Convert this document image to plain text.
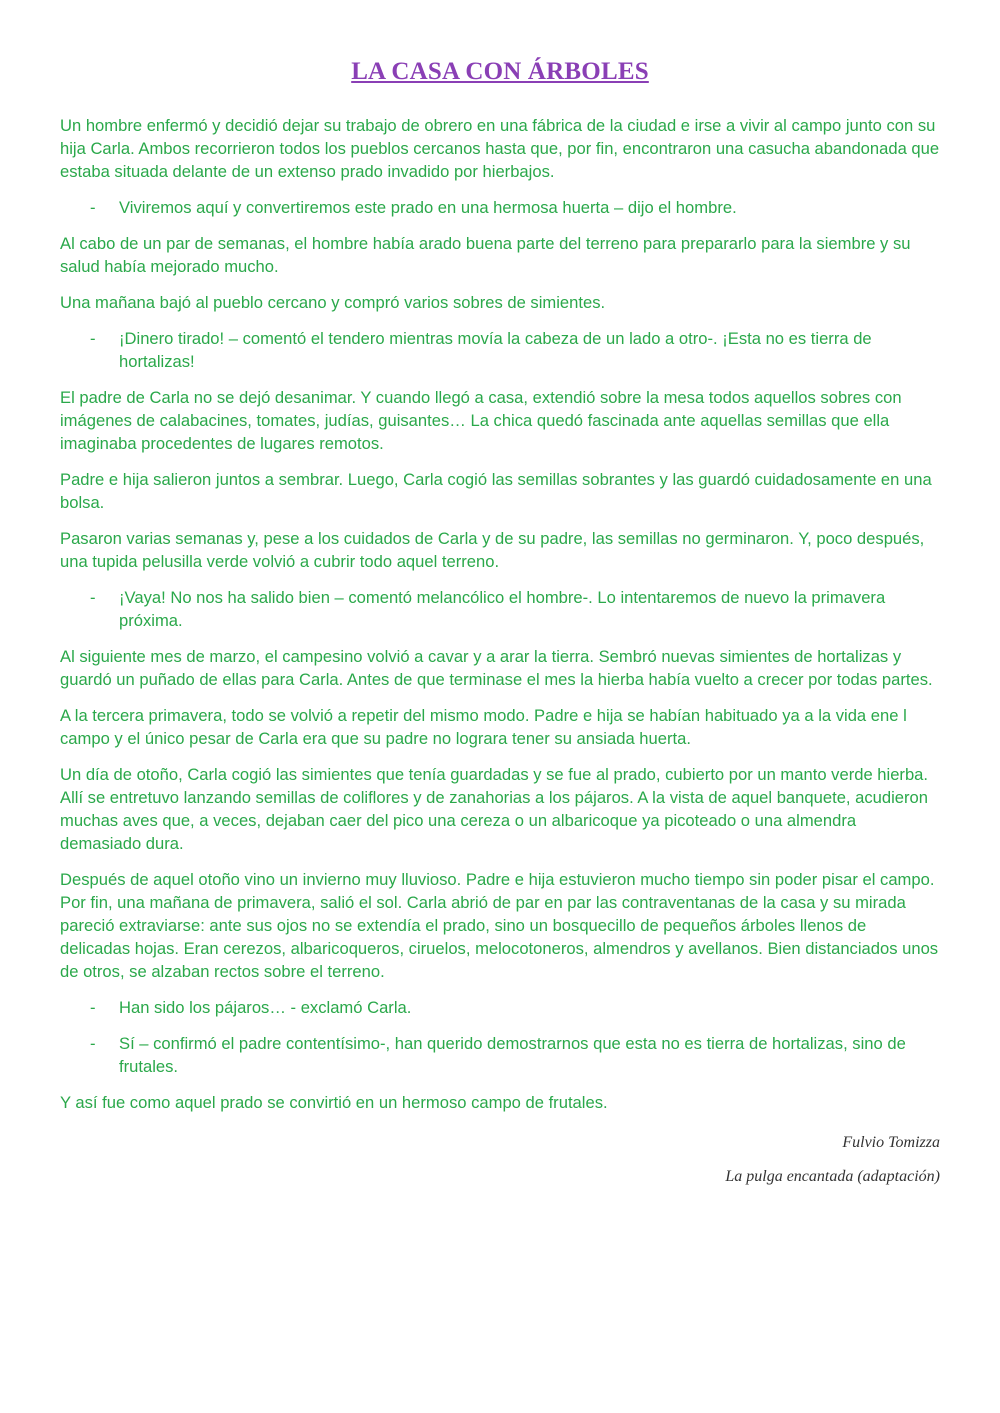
LA CASA CON ÁRBOLES

Un hombre enfermó y decidió dejar su trabajo de obrero en una fábrica de la ciudad e irse a vivir al campo junto con su hija Carla. Ambos recorrieron todos los pueblos cercanos hasta que, por fin, encontraron una casucha abandonada que estaba situada delante de un extenso prado invadido por hierbajos.

-	Viviremos aquí y convertiremos este prado en una hermosa huerta – dijo el hombre.

Al cabo de un par de semanas, el hombre había arado buena parte del terreno para prepararlo para la siembre y su salud había mejorado mucho.

Una mañana bajó al pueblo cercano y compró varios sobres de simientes.

-	¡Dinero tirado! – comentó el tendero mientras movía la cabeza de un lado a otro-. ¡Esta no es tierra de hortalizas!

El padre de Carla no se dejó desanimar. Y cuando llegó a casa, extendió sobre la mesa todos aquellos sobres con imágenes de calabacines, tomates, judías, guisantes… La chica quedó fascinada ante aquellas semillas que ella imaginaba procedentes de lugares remotos.

Padre e hija salieron juntos a sembrar. Luego, Carla cogió las semillas sobrantes y las guardó cuidadosamente en una bolsa.

Pasaron varias semanas y, pese a los cuidados de Carla y de su padre, las semillas no germinaron. Y, poco después, una tupida pelusilla verde volvió a cubrir todo aquel terreno.

-	¡Vaya! No nos ha salido bien – comentó melancólico el hombre-. Lo intentaremos de nuevo la primavera próxima.

Al siguiente mes de marzo, el campesino volvió a cavar y a arar la tierra. Sembró nuevas simientes de hortalizas y guardó un puñado de ellas para Carla. Antes de que terminase el mes la hierba había vuelto a crecer por todas partes.

A la tercera primavera, todo se volvió a repetir del mismo modo. Padre e hija se habían habituado ya a la vida ene l campo y el único pesar de Carla era que su padre no lograra tener su ansiada huerta.

Un día de otoño, Carla cogió las simientes que tenía guardadas y se fue al prado, cubierto por un manto verde hierba. Allí se entretuvo lanzando semillas de coliflores y de zanahorias a los pájaros. A la vista de aquel banquete, acudieron muchas aves que, a veces, dejaban caer del pico una cereza o un albaricoque ya picoteado o una almendra demasiado dura.

Después de aquel otoño vino un invierno muy lluvioso. Padre e hija estuvieron mucho tiempo sin poder pisar el campo. Por fin, una mañana de primavera, salió el sol. Carla abrió de par en par las contraventanas de la casa y su mirada pareció extraviarse: ante sus ojos no se extendía el prado, sino un bosquecillo de pequeños árboles llenos de delicadas hojas. Eran cerezos, albaricoqueros, ciruelos, melocotoneros, almendros y avellanos. Bien distanciados unos de otros, se alzaban rectos sobre el terreno.

-	Han sido los pájaros… - exclamó Carla.
-	Sí – confirmó el padre contentísimo-, han querido demostrarnos que esta no es tierra de hortalizas, sino de frutales.

Y así fue como aquel prado se convirtió en un hermoso campo de frutales.

Fulvio Tomizza

La pulga encantada (adaptación)
